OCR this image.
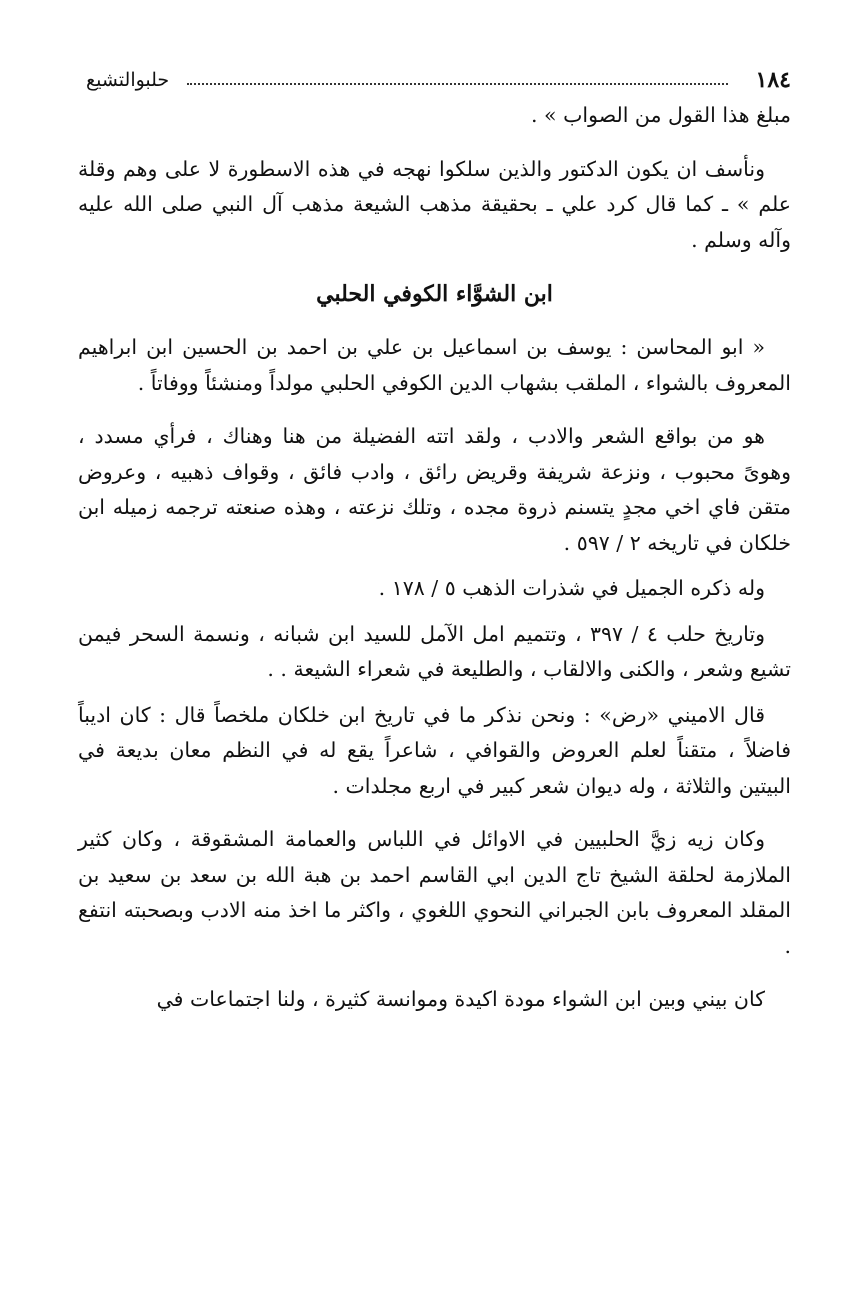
١٨٤
حلبوالتشيع

مبلغ هذا القول من الصواب » .

ونأسف ان يكون الدكتور والذين سلكوا نهجه في هذه الاسطورة لا على وهم وقلة علم » ـ كما قال كرد علي ـ بحقيقة مذهب الشيعة مذهب آل النبي صلى الله عليه وآله وسلم .

ابن الشوَّاء الكوفي الحلبي

« ابو المحاسن : يوسف بن اسماعيل بن علي بن احمد بن الحسين ابن ابراهيم المعروف بالشواء ، الملقب بشهاب الدين الكوفي الحلبي مولداً ومنشئاً ووفاتاً .

هو من بواقع الشعر والادب ، ولقد اتته الفضيلة من هنا وهناك ، فرأي مسدد ، وهوىً محبوب ، ونزعة شريفة وقريض رائق ، وادب فائق ، وقواف ذهبيه ، وعروض متقن فاي اخي مجدٍ يتسنم ذروة مجده ، وتلك نزعته ، وهذه صنعته ترجمه زميله ابن خلكان في تاريخه ٢ / ٥٩٧ .

وله ذكره الجميل في شذرات الذهب ٥ / ١٧٨ .

وتاريخ حلب ٤ / ٣٩٧ ، وتتميم امل الآمل للسيد ابن شبانه ، ونسمة السحر فيمن تشيع وشعر ، والكنى والالقاب ، والطليعة في شعراء الشيعة . .

قال الاميني «رض» : ونحن نذكر ما في تاريخ ابن خلكان ملخصاً قال : كان اديباً فاضلاً ، متقناً لعلم العروض والقوافي ، شاعراً يقع له في النظم معان بديعة في البيتين والثلاثة ، وله ديوان شعر كبير في اربع مجلدات .

وكان زيه زيَّ الحلبيين في الاوائل في اللباس والعمامة المشقوقة ، وكان كثير الملازمة لحلقة الشيخ تاج الدين ابي القاسم احمد بن هبة الله بن سعد بن سعيد بن المقلد المعروف بابن الجبراني النحوي اللغوي ، واكثر ما اخذ منه الادب وبصحبته انتفع .

كان بيني وبين ابن الشواء مودة اكيدة وموانسة كثيرة ، ولنا اجتماعات في
